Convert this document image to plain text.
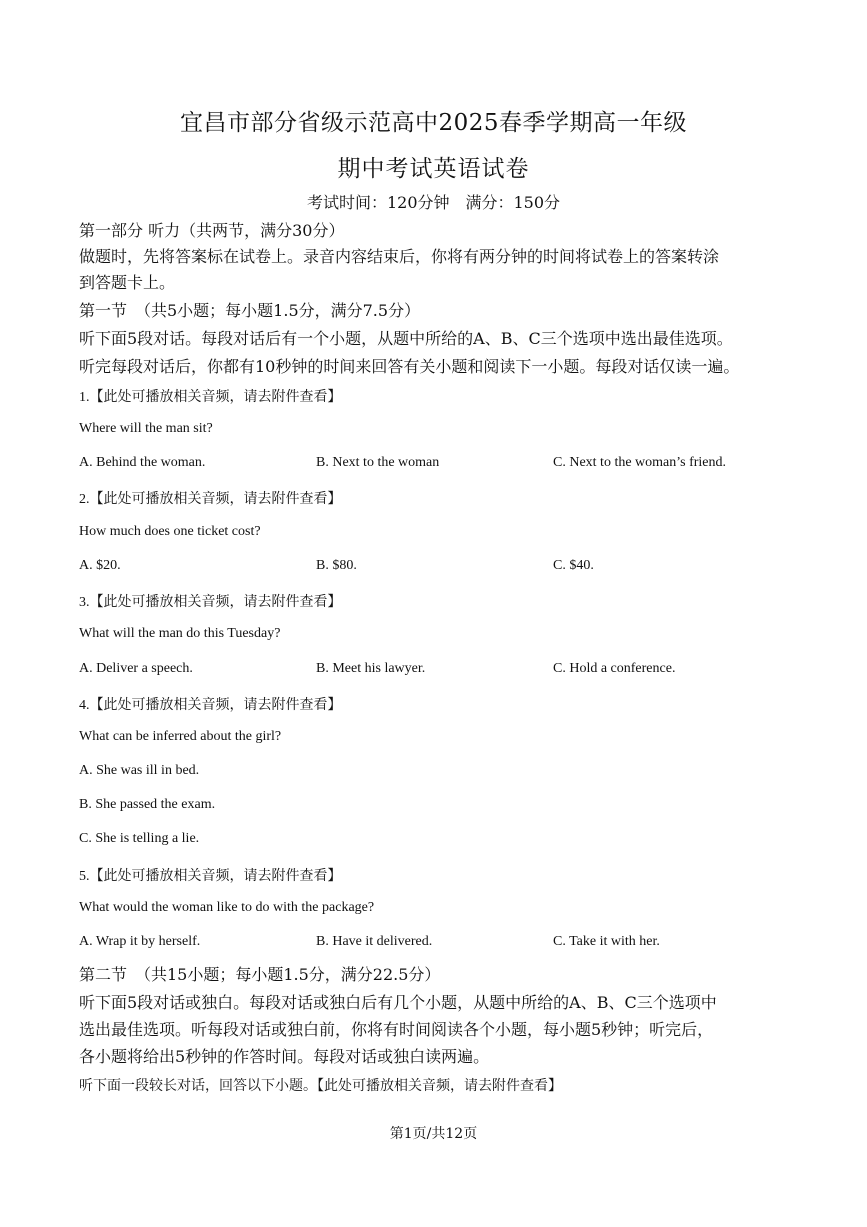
宜昌市部分省级示范高中2025春季学期高一年级
期中考试英语试卷
考试时间：120分钟　满分：150分
第一部分 听力（共两节，满分30分）
做题时，先将答案标在试卷上。录音内容结束后，你将有两分钟的时间将试卷上的答案转涂
到答题卡上。
第一节　（共5小题；每小题1.5分，满分7.5分）
听下面5段对话。每段对话后有一个小题，从题中所给的A、B、C三个选项中选出最佳选项。
听完每段对话后，你都有10秒钟的时间来回答有关小题和阅读下一小题。每段对话仅读一遍。
1.【此处可播放相关音频，请去附件查看】
Where will the man sit?
A. Behind the woman.	B. Next to the woman	C. Next to the woman’s friend.
2.【此处可播放相关音频，请去附件查看】
How much does one ticket cost?
A. $20.	B. $80.	C. $40.
3.【此处可播放相关音频，请去附件查看】
What will the man do this Tuesday?
A. Deliver a speech.	B. Meet his lawyer.	C. Hold a conference.
4.【此处可播放相关音频，请去附件查看】
What can be inferred about the girl?
A. She was ill in bed.
B. She passed the exam.
C. She is telling a lie.
5.【此处可播放相关音频，请去附件查看】
What would the woman like to do with the package?
A. Wrap it by herself.	B. Have it delivered.	C. Take it with her.
第二节　（共15小题；每小题1.5分，满分22.5分）
听下面5段对话或独白。每段对话或独白后有几个小题，从题中所给的A、B、C三个选项中
选出最佳选项。听每段对话或独白前，你将有时间阅读各个小题，每小题5秒钟；听完后，
各小题将给出5秒钟的作答时间。每段对话或独白读两遍。
听下面一段较长对话，回答以下小题。【此处可播放相关音频，请去附件查看】
第1页/共12页
